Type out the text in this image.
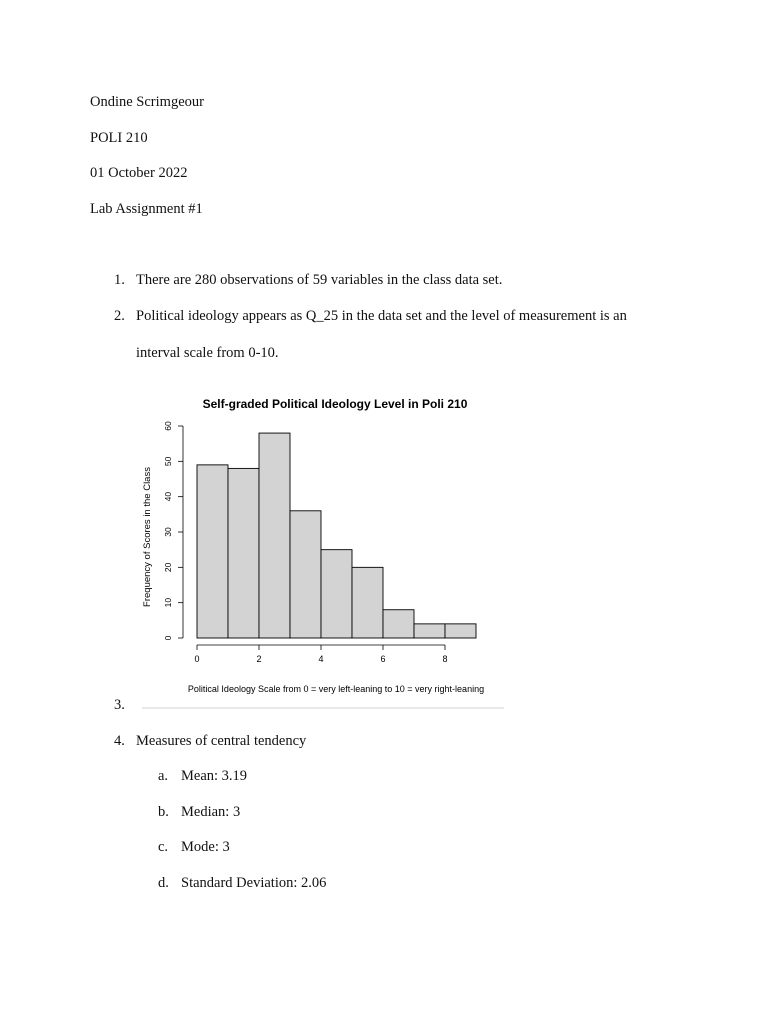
Ondine Scrimgeour
POLI 210
01 October 2022
Lab Assignment #1
1. There are 280 observations of 59 variables in the class data set.
2. Political ideology appears as Q_25 in the data set and the level of measurement is an
interval scale from 0-10.
Self-graded Political Ideology Level in Poli 210
0
10
20
30
40
50
60
0	2	4	6	8
Frequency of Scores in the Class
Political Ideology Scale from 0 = very left-leaning to 10 = very right-leaning
3.
4. Measures of central tendency
a. Mean: 3.19
b. Median: 3
c. Mode: 3
d. Standard Deviation: 2.06
